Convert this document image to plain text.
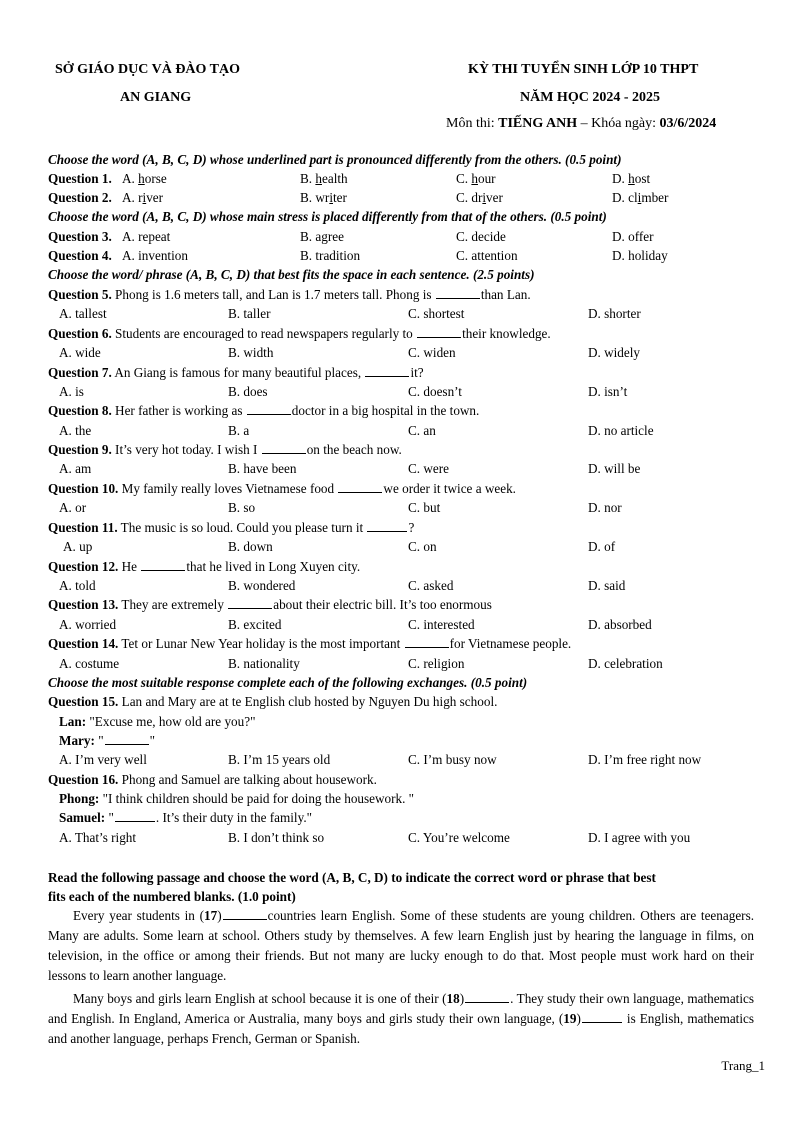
SỞ GIÁO DỤC VÀ ĐÀO TẠO
AN GIANG
KỲ THI TUYỂN SINH LỚP 10 THPT
NĂM HỌC 2024 - 2025
Môn thi: TIẾNG ANH – Khóa ngày: 03/6/2024
Choose the word (A, B, C, D) whose underlined part is pronounced differently from the others. (0.5 point)
Question 1. A. horse	B. health	C. hour	D. host
Question 2. A. river	B. writer	C. driver	D. climber
Choose the word (A, B, C, D) whose main stress is placed differently from that of the others. (0.5 point)
Question 3. A. repeat	B. agree	C. decide	D. offer
Question 4. A. invention	B. tradition	C. attention	D. holiday
Choose the word/ phrase (A, B, C, D) that best fits the space in each sentence. (2.5 points)
Question 5. Phong is 1.6 meters tall, and Lan is 1.7 meters tall. Phong is	than Lan.
A. tallest	B. taller	C. shortest	D. shorter
Question 6. Students are encouraged to read newspapers regularly to	their knowledge.
A. wide	B. width	C. widen	D. widely
Question 7. An Giang is famous for many beautiful places,	it?
A. is	B. does	C. doesn’t	D. isn’t
Question 8. Her father is working as	doctor in a big hospital in the town.
A. the	B. a	C. an	D. no article
Question 9. It’s very hot today. I wish I	on the beach now.
A. am	B. have been	C. were	D. will be
Question 10. My family really loves Vietnamese food	we order it twice a week.
A. or	B. so	C. but	D. nor
Question 11. The music is so loud. Could you please turn it	?
A. up	B. down	C. on	D. of
Question 12. He	that he lived in Long Xuyen city.
A. told	B. wondered	C. asked	D. said
Question 13. They are extremely	about their electric bill. It’s too enormous
A. worried	B. excited	C. interested	D. absorbed
Question 14. Tet or Lunar New Year holiday is the most important	for Vietnamese people.
A. costume	B. nationality	C. religion	D. celebration
Choose the most suitable response complete each of the following exchanges. (0.5 point)
Question 15. Lan and Mary are at te English club hosted by Nguyen Du high school.
Lan: "Excuse me, how old are you?"
Mary: "	"
A. I’m very well	B. I’m 15 years old	C. I’m busy now	D. I’m free right now
Question 16. Phong and Samuel are talking about housework.
Phong: "I think children should be paid for doing the housework. "
Samuel: "	. It’s their duty in the family."
A. That’s right	B. I don’t think so	C. You’re welcome	D. I agree with you
Read the following passage and choose the word (A, B, C, D) to indicate the correct word or phrase that best
fits each of the numbered blanks. (1.0 point)
Every year students in (17)	countries learn English. Some of these students are young children. Others are teenagers. Many are adults. Some learn at school. Others study by themselves. A few learn English just by hearing the language in films, on television, in the office or among their friends. But not many are lucky enough to do that. Most people must work hard on their lessons to learn another language.
Many boys and girls learn English at school because it is one of their (18)	. They study their own language, mathematics and English. In England, America or Australia, many boys and girls study their own language, (19)	is English, mathematics and another language, perhaps French, German or Spanish.
Trang_1
